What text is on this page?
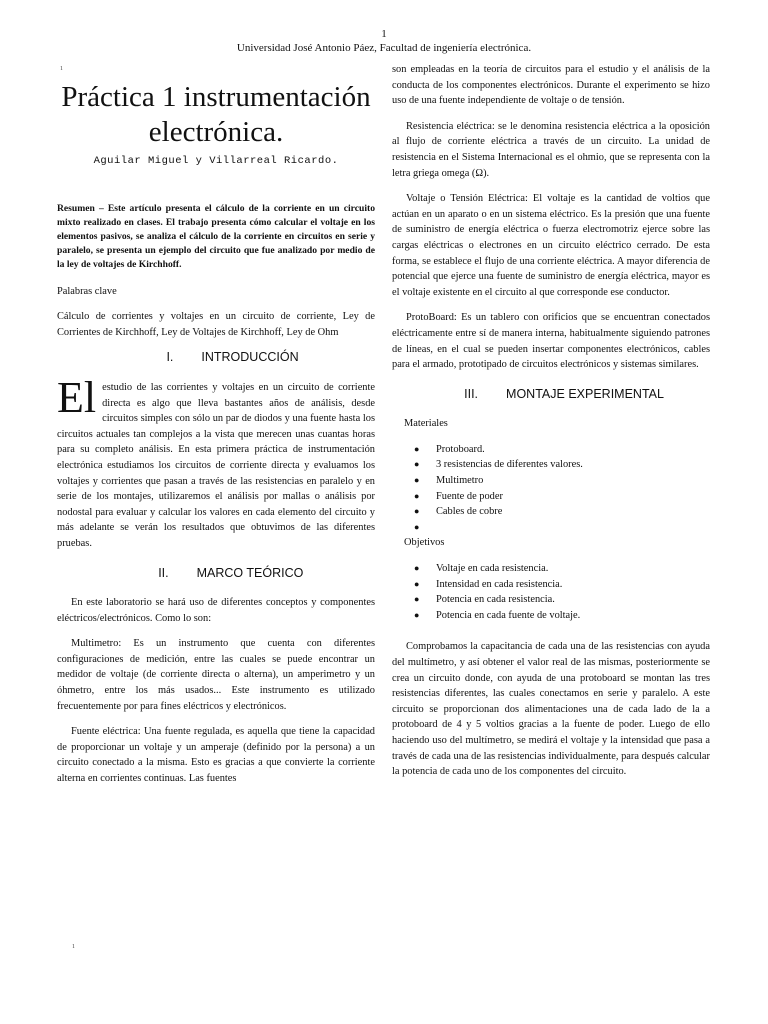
1
Universidad José Antonio Páez, Facultad de ingeniería electrónica.
1
1
Práctica 1 instrumentación electrónica.
Aguilar Miguel y Villarreal Ricardo.
Resumen – Este artículo presenta el cálculo de la corriente en un circuito mixto realizado en clases. El trabajo presenta cómo calcular el voltaje en los elementos pasivos, se analiza el cálculo de la corriente en circuitos en serie y paralelo, se presenta un ejemplo del circuito que fue analizado por medio de la ley de voltajes de Kirchhoff.

Palabras clave

Cálculo de corrientes y voltajes en un circuito de corriente, Ley de Corrientes de Kirchhoff, Ley de Voltajes de Kirchhoff, Ley de Ohm

I. INTRODUCCIÓN

El estudio de las corrientes y voltajes en un circuito de corriente directa es algo que lleva bastantes años de análisis, desde circuitos simples con sólo un par de diodos y una fuente hasta los circuitos actuales tan complejos a la vista que merecen unas cuantas horas para su completo análisis. En esta primera práctica de instrumentación electrónica estudiamos los circuitos de corriente directa y evaluamos los voltajes y corrientes que pasan a través de las resistencias en paralelo y en serie de los montajes, utilizaremos el análisis por mallas o análisis por nodostal para evaluar y calcular los valores en cada elemento del circuito y más adelante se verán los resultados que obtuvimos de las diferentes pruebas.

II. MARCO TEÓRICO

En este laboratorio se hará uso de diferentes conceptos y componentes eléctricos/electrónicos. Como lo son:

Multimetro: Es un instrumento que cuenta con diferentes configuraciones de medición, entre las cuales se puede encontrar un medidor de voltaje (de corriente directa o alterna), un amperimetro y un óhmetro, entre los más usados... Este instrumento es utilizado frecuentemente por para fines eléctricos y electrónicos.

Fuente eléctrica: Una fuente regulada, es aquella que tiene la capacidad de proporcionar un voltaje y un amperaje (definido por la persona) a un circuito conectado a la misma. Esto es gracias a que convierte la corriente alterna en corrientes continuas. Las fuentes

son empleadas en la teoría de circuitos para el estudio y el análisis de la conducta de los componentes electrónicos. Durante el experimento se hizo uso de una fuente independiente de voltaje o de tensión.

Resistencia eléctrica: se le denomina resistencia eléctrica a la oposición al flujo de corriente eléctrica a través de un circuito. La unidad de resistencia en el Sistema Internacional es el ohmio, que se representa con la letra griega omega (Ω).

Voltaje o Tensión Eléctrica: El voltaje es la cantidad de voltios que actúan en un aparato o en un sistema eléctrico. Es la presión que una fuente de suministro de energía eléctrica o fuerza electromotriz ejerce sobre las cargas eléctricas o electrones en un circuito eléctrico cerrado. De esta forma, se establece el flujo de una corriente eléctrica. A mayor diferencia de potencial que ejerce una fuente de suministro de energía eléctrica, mayor es el voltaje existente en el circuito al que corresponde ese conductor.

ProtoBoard: Es un tablero con orificios que se encuentran conectados eléctricamente entre sí de manera interna, habitualmente siguiendo patrones de líneas, en el cual se pueden insertar componentes electrónicos, cables para el armado, prototipado de circuitos electrónicos y sistemas similares.

III. MONTAJE EXPERIMENTAL

Materiales

● Protoboard.
● 3 resistencias de diferentes valores.
● Multimetro
● Fuente de poder
● Cables de cobre
●

Objetivos

● Voltaje en cada resistencia.
● Intensidad en cada resistencia.
● Potencia en cada resistencia.
● Potencia en cada fuente de voltaje.

Comprobamos la capacitancia de cada una de las resistencias con ayuda del multímetro, y así obtener el valor real de las mismas, posteriormente se crea un circuito donde, con ayuda de una protoboard se montan las tres resistencias diferentes, las cuales conectamos en serie y paralelo. A este circuito se proporcionan dos alimentaciones una de cada lado de la a protoboard de 4 y 5 voltios gracias a la fuente de poder. Luego de ello haciendo uso del multímetro, se medirá el voltaje y la intensidad que pasa a través de cada una de las resistencias individualmente, para después calcular la potencia de cada uno de los componentes del circuito.
